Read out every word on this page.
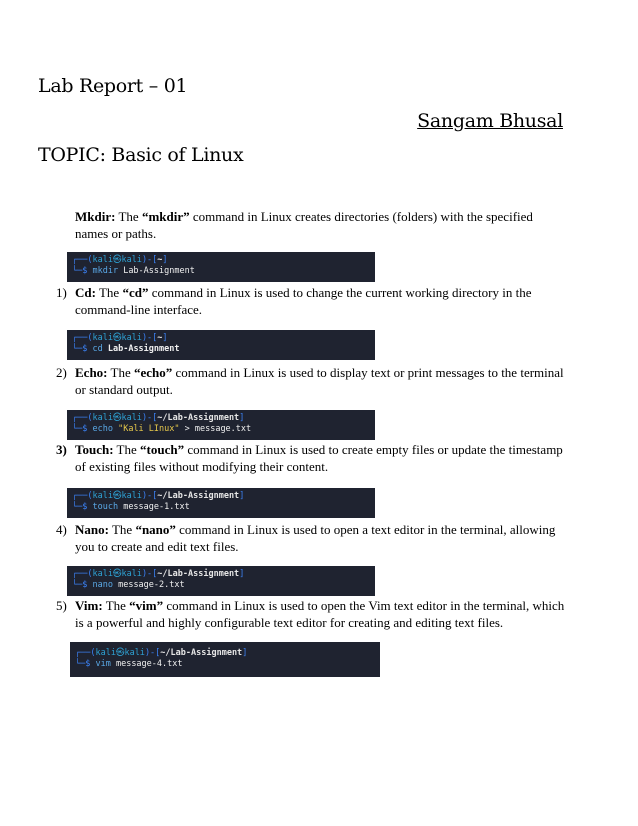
Lab Report – 01
Sangam Bhusal
TOPIC: Basic of Linux
Mkdir: The “mkdir” command in Linux creates directories (folders) with the specified names or paths.
┌──(kali㉿kali)-[~]
└─$ mkdir Lab-Assignment
1) Cd: The “cd” command in Linux is used to change the current working directory in the command-line interface.
┌──(kali㉿kali)-[~]
└─$ cd Lab-Assignment
2) Echo: The “echo” command in Linux is used to display text or print messages to the terminal or standard output.
┌──(kali㉿kali)-[~/Lab-Assignment]
└─$ echo "Kali LInux" > message.txt
3) Touch: The “touch” command in Linux is used to create empty files or update the timestamp of existing files without modifying their content.
┌──(kali㉿kali)-[~/Lab-Assignment]
└─$ touch message-1.txt
4) Nano: The “nano” command in Linux is used to open a text editor in the terminal, allowing you to create and edit text files.
┌──(kali㉿kali)-[~/Lab-Assignment]
└─$ nano message-2.txt
5) Vim: The “vim” command in Linux is used to open the Vim text editor in the terminal, which is a powerful and highly configurable text editor for creating and editing text files.
┌──(kali㉿kali)-[~/Lab-Assignment]
└─$ vim message-4.txt
